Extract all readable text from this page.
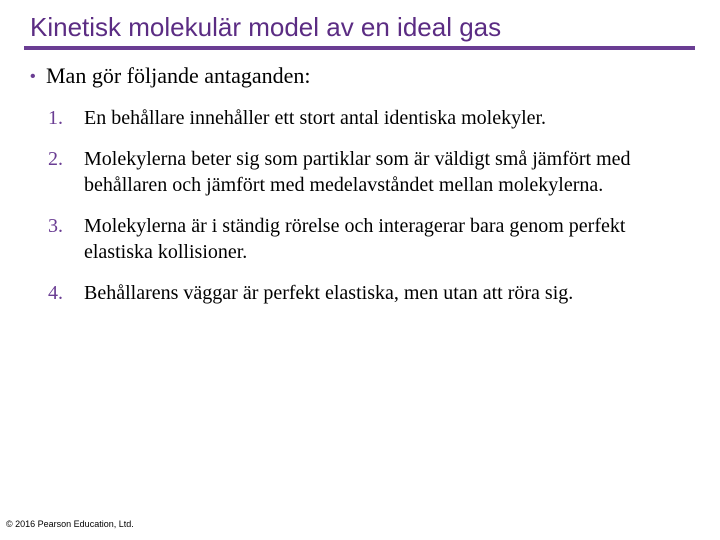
Kinetisk molekulär model av en ideal gas
• Man gör följande antaganden:
1. En behållare innehåller ett stort antal identiska molekyler.
2. Molekylerna beter sig som partiklar som är väldigt små jämfört med behållaren och jämfört med medelavståndet mellan molekylerna.
3. Molekylerna är i ständig rörelse och interagerar bara genom perfekt elastiska kollisioner.
4. Behållarens väggar är perfekt elastiska, men utan att röra sig.
© 2016 Pearson Education, Ltd.
